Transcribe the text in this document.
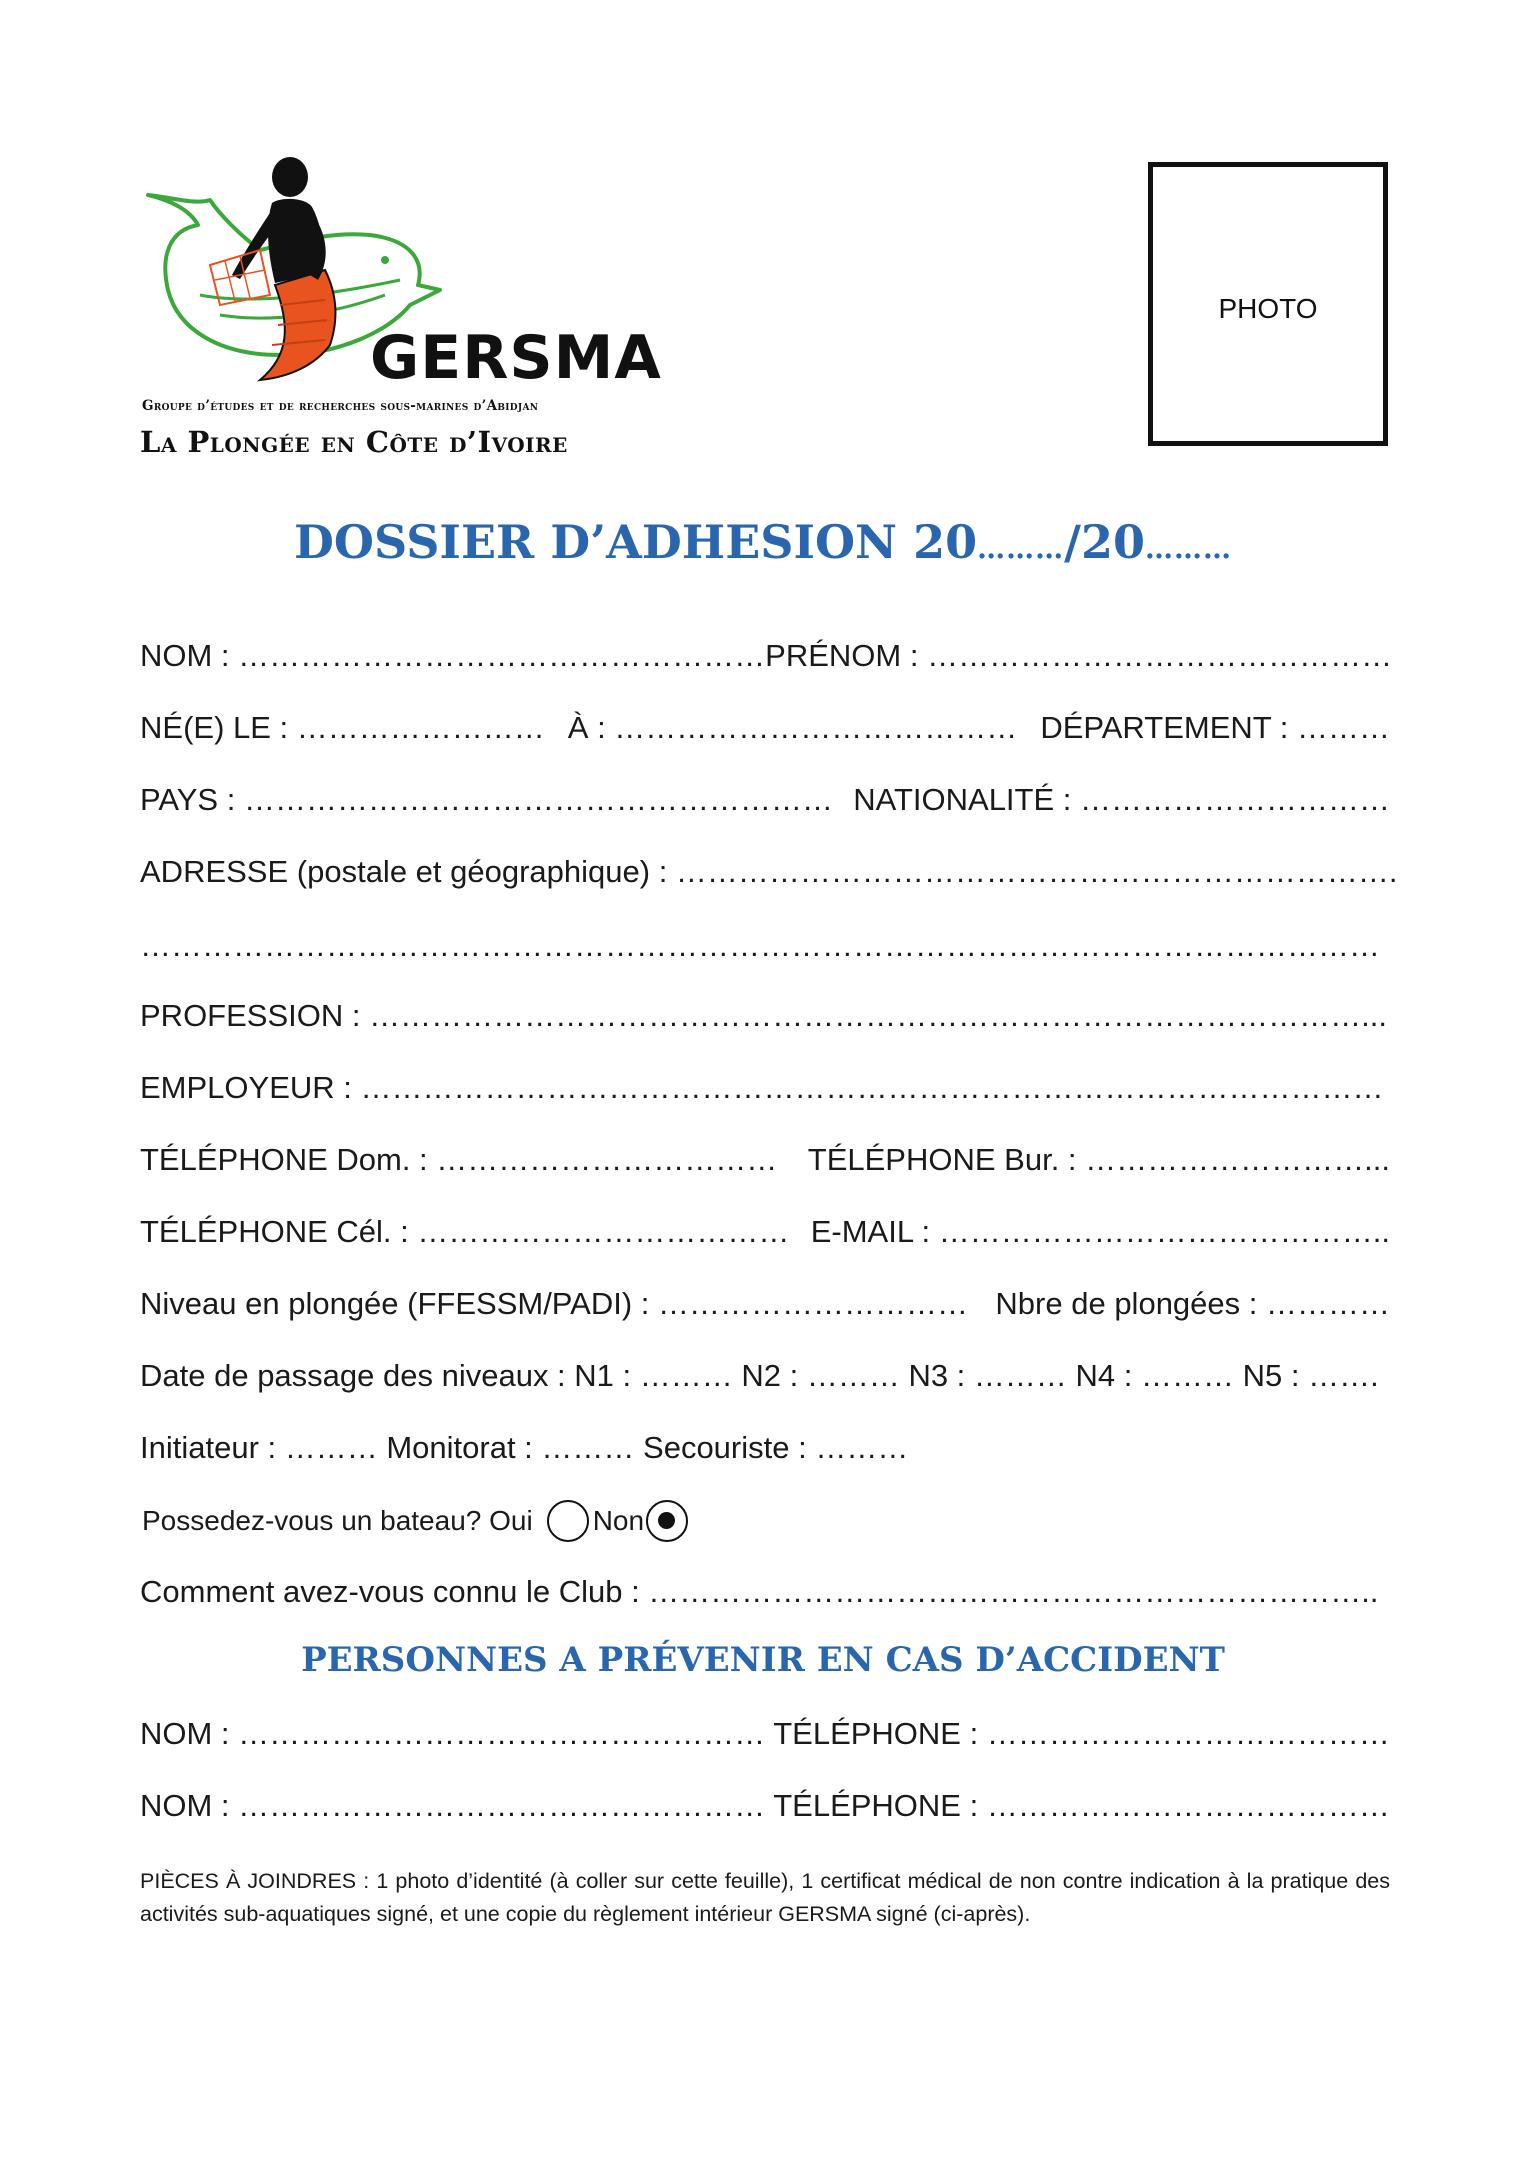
GERSMA
Groupe d’études et de recherches sous-marines d’Abidjan
La Plongée en Côte d’Ivoire
PHOTO
DOSSIER D’ADHESION 20………/20………
NOM : …………………………………………… PRÉNOM : ………………………………………
NÉ(E) LE : …………………… À : ………………………………… DÉPARTEMENT : ………
PAYS : ………………………………………………… NATIONALITÉ : …………………………
ADRESSE (postale et géographique) : …………………………………………………………….
…………………………………………………………………………………………………………
PROFESSION : ……………………………………………………………………………………...
EMPLOYEUR : ………………………………………………………………………………………
TÉLÉPHONE Dom. : …………………………… TÉLÉPHONE Bur. : ………………………...
TÉLÉPHONE Cél. : ……………………………… E-MAIL : ……………………………………..
Niveau en plongée (FFESSM/PADI) : ………………………… Nbre de plongées : …………
Date de passage des niveaux : N1 : ……… N2 : ……… N3 : ……… N4 : ……… N5 : …….
Initiateur : ……… Monitorat : ……… Secouriste : ………
Possedez-vous un bateau? Oui Non
Comment avez-vous connu le Club : ……………………………………………………………..
PERSONNES A PRÉVENIR EN CAS D’ACCIDENT
NOM : …………………………………………… TÉLÉPHONE : …………………………………
NOM : …………………………………………… TÉLÉPHONE : …………………………………
PIÈCES À JOINDRES : 1 photo d’identité (à coller sur cette feuille), 1 certificat médical de non contre indication à la pratique des activités sub-aquatiques signé, et une copie du règlement intérieur GERSMA signé (ci-après).
